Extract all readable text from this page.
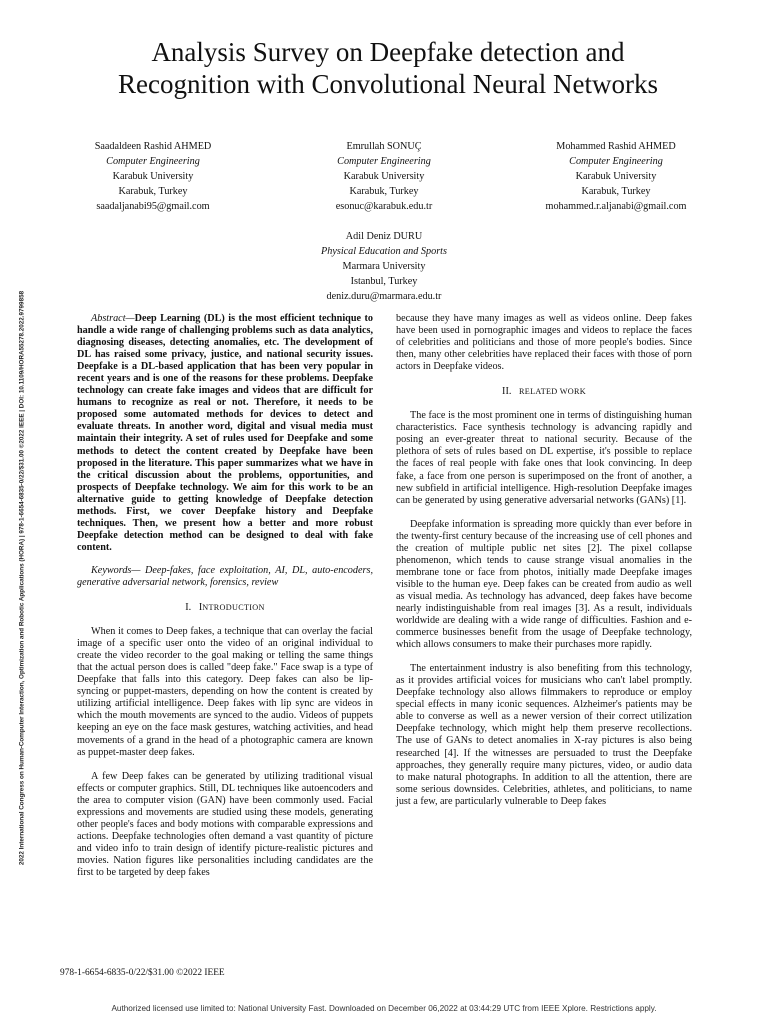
2022 International Congress on Human-Computer Interaction, Optimization and Robotic Applications (HORA) | 978-1-6654-6835-0/22/$31.00 ©2022 IEEE | DOI: 10.1109/HORA55278.2022.9799858
Analysis Survey on Deepfake detection and
Recognition with Convolutional Neural Networks
Saadaldeen Rashid AHMED
Computer Engineering
Karabuk University
Karabuk, Turkey
saadaljanabi95@gmail.com
Emrullah SONUÇ
Computer Engineering
Karabuk University
Karabuk, Turkey
esonuc@karabuk.edu.tr
Mohammed Rashid AHMED
Computer Engineering
Karabuk University
Karabuk, Turkey
mohammed.r.aljanabi@gmail.com
Adil Deniz DURU
Physical Education and Sports
Marmara University
Istanbul, Turkey
deniz.duru@marmara.edu.tr

Abstract—Deep Learning (DL) is the most efficient technique to handle a wide range of challenging problems such as data analytics, diagnosing diseases, detecting anomalies, etc. The development of DL has raised some privacy, justice, and national security issues. Deepfake is a DL-based application that has been very popular in recent years and is one of the reasons for these problems. Deepfake technology can create fake images and videos that are difficult for humans to recognize as real or not. Therefore, it needs to be proposed some automated methods for devices to detect and evaluate threats. In another word, digital and visual media must maintain their integrity. A set of rules used for Deepfake and some methods to detect the content created by Deepfake have been proposed in the literature. This paper summarizes what we have in the critical discussion about the problems, opportunities, and prospects of Deepfake technology. We aim for this work to be an alternative guide to getting knowledge of Deepfake detection methods. First, we cover Deepfake history and Deepfake techniques. Then, we present how a better and more robust Deepfake detection method can be designed to deal with fake content.

Keywords— Deep-fakes, face exploitation, AI, DL, auto-encoders, generative adversarial network, forensics, review

I. INTRODUCTION

When it comes to Deep fakes, a technique that can overlay the facial image of a specific user onto the video of an original individual to create the video recorder to the goal making or telling the same things that the actual person does is called "deep fake." Face swap is a type of Deepfake that falls into this category. Deep fakes can also be lip-syncing or puppet-masters, depending on how the content is created by utilizing artificial intelligence. Deep fakes with lip sync are videos in which the mouth movements are synced to the audio. Videos of puppets keeping an eye on the face mask gestures, watching activities, and head movements of a grand in the head of a photographic camera are known as puppet-master deep fakes.

A few Deep fakes can be generated by utilizing traditional visual effects or computer graphics. Still, DL techniques like autoencoders and the area to computer vision (GAN) have been commonly used. Facial expressions and movements are studied using these models, generating other people's faces and body motions with comparable expressions and actions. Deepfake technologies often demand a vast quantity of picture and video info to train design of identify picture-realistic pictures and movies. Nation figures like personalities including candidates are the first to be targeted by deep fakes

because they have many images as well as videos online. Deep fakes have been used in pornographic images and videos to replace the faces of celebrities and politicians and those of more people's bodies. Since then, many other celebrities have replaced their faces with those of porn actors in Deepfake videos.

II. RELATED WORK

The face is the most prominent one in terms of distinguishing human characteristics. Face synthesis technology is advancing rapidly and posing an ever-greater threat to national security. Because of the plethora of sets of rules based on DL expertise, it's possible to replace the faces of real people with fake ones that look convincing. In deep fake, a face from one person is superimposed on the front of another, a new subfield in artificial intelligence. High-resolution Deepfake images can be generated by using generative adversarial networks (GANs) [1].

Deepfake information is spreading more quickly than ever before in the twenty-first century because of the increasing use of cell phones and the creation of multiple public net sites [2]. The pixel collapse phenomenon, which tends to cause strange visual anomalies in the membrane tone or face from photos, initially made Deepfake images visible to the human eye. Deep fakes can be created from audio as well as visual media. As technology has advanced, deep fakes have become nearly indistinguishable from real images [3]. As a result, individuals worldwide are dealing with a wide range of difficulties. Fashion and e-commerce businesses benefit from the usage of Deepfake technology, which allows consumers to make their purchases more rapidly.

The entertainment industry is also benefiting from this technology, as it provides artificial voices for musicians who can't label promptly. Deepfake technology also allows filmmakers to reproduce or employ special effects in many iconic sequences. Alzheimer's patients may be able to converse as well as a newer version of their correct utilization Deepfake technology, which might help them preserve recollections. The use of GANs to detect anomalies in X-ray pictures is also being researched [4]. If the witnesses are persuaded to trust the Deepfake approaches, they generally require many pictures, video, or audio data to make natural photographs. In addition to all the attention, there are some serious downsides. Celebrities, athletes, and politicians, to name just a few, are particularly vulnerable to Deep fakes

978-1-6654-6835-0/22/$31.00 ©2022 IEEE
Authorized licensed use limited to: National University Fast. Downloaded on December 06,2022 at 03:44:29 UTC from IEEE Xplore. Restrictions apply.
